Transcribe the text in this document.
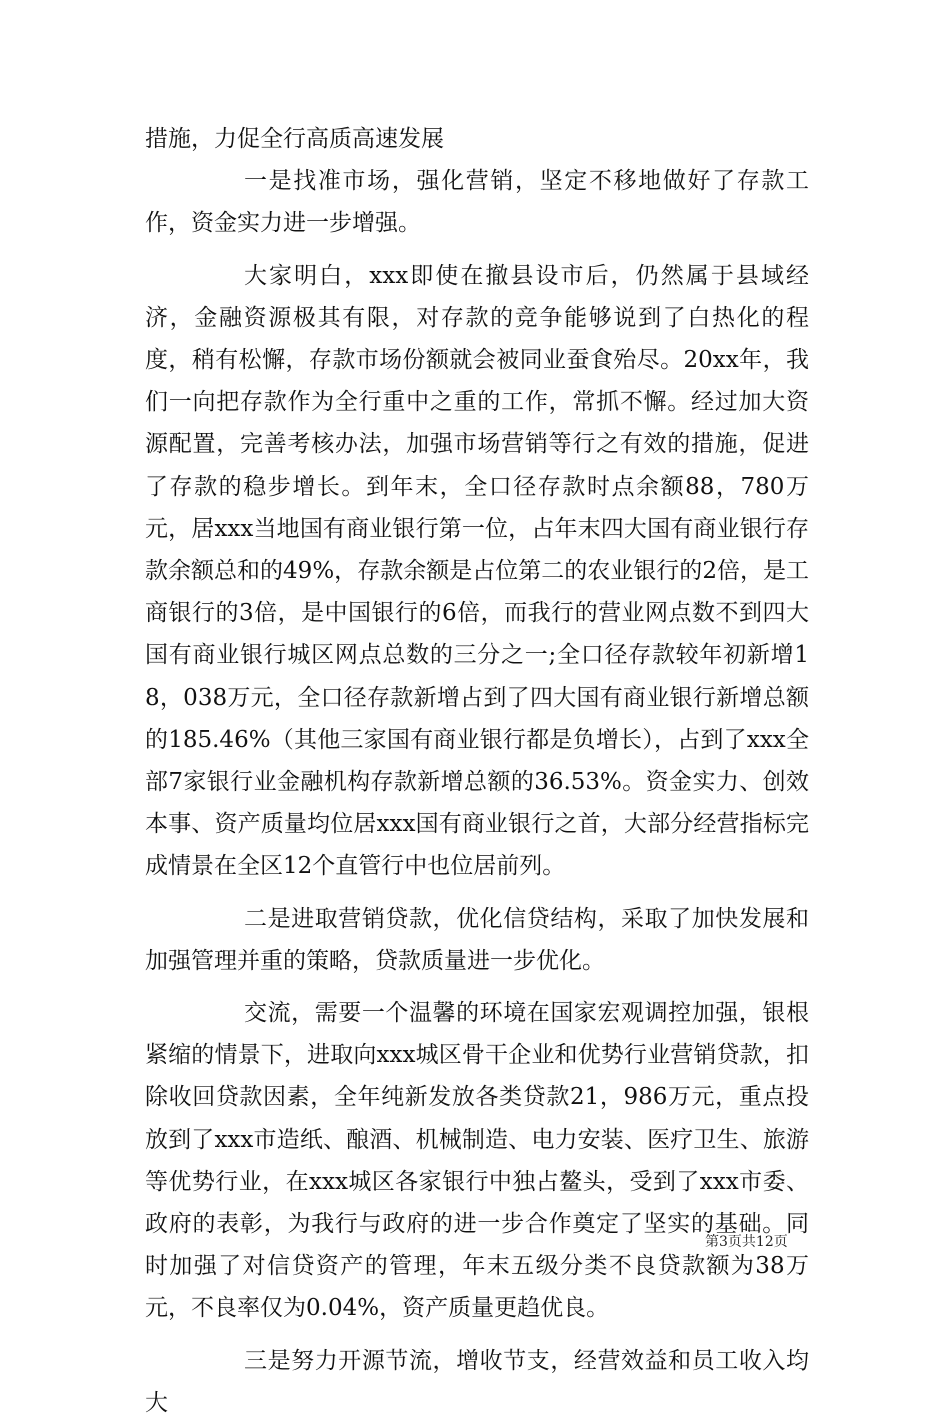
措施，力促全行高质高速发展

一是找准市场，强化营销，坚定不移地做好了存款工作，资金实力进一步增强。

大家明白，xxx即使在撤县设市后，仍然属于县域经济，金融资源极其有限，对存款的竞争能够说到了白热化的程度，稍有松懈，存款市场份额就会被同业蚕食殆尽。20xx年，我们一向把存款作为全行重中之重的工作，常抓不懈。经过加大资源配置，完善考核办法，加强市场营销等行之有效的措施，促进了存款的稳步增长。到年末，全口径存款时点余额88，780万元，居xxx当地国有商业银行第一位，占年末四大国有商业银行存款余额总和的49%，存款余额是占位第二的农业银行的2倍，是工商银行的3倍，是中国银行的6倍，而我行的营业网点数不到四大国有商业银行城区网点总数的三分之一;全口径存款较年初新增18，038万元，全口径存款新增占到了四大国有商业银行新增总额的185.46%（其他三家国有商业银行都是负增长），占到了xxx全部7家银行业金融机构存款新增总额的36.53%。资金实力、创效本事、资产质量均位居xxx国有商业银行之首，大部分经营指标完成情景在全区12个直管行中也位居前列。

二是进取营销贷款，优化信贷结构，采取了加快发展和加强管理并重的策略，贷款质量进一步优化。

交流，需要一个温馨的环境在国家宏观调控加强，银根紧缩的情景下，进取向xxx城区骨干企业和优势行业营销贷款，扣除收回贷款因素，全年纯新发放各类贷款21，986万元，重点投放到了xxx市造纸、酿酒、机械制造、电力安装、医疗卫生、旅游等优势行业，在xxx城区各家银行中独占鳌头，受到了xxx市委、政府的表彰，为我行与政府的进一步合作奠定了坚实的基础。同时加强了对信贷资产的管理，年末五级分类不良贷款额为38万元，不良率仅为0.04%，资产质量更趋优良。

三是努力开源节流，增收节支，经营效益和员工收入均大

第3页共12页
